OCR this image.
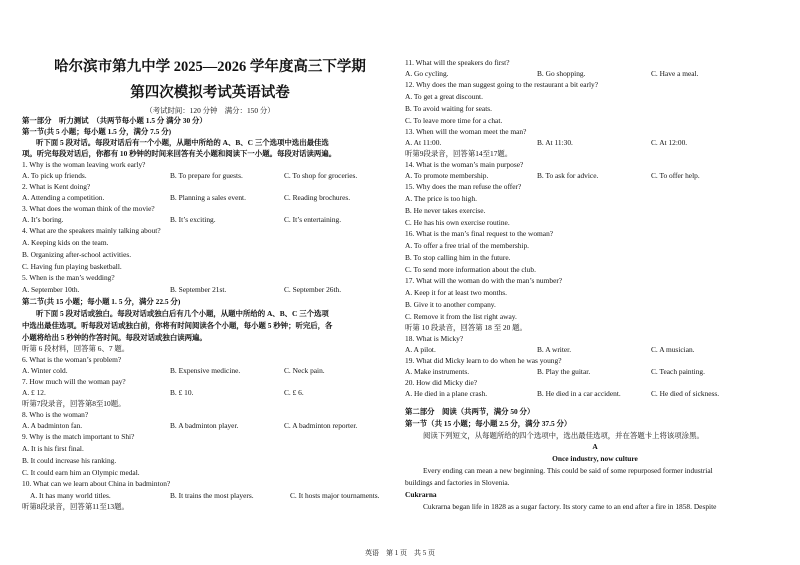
哈尔滨市第九中学 2025—2026 学年度高三下学期
第四次模拟考试英语试卷
（考试时间：120 分钟　满分：150 分）
第一部分　听力测试　（共两节每小题 1.5 分 满分 30 分）
第一节(共 5 小题；每小题 1.5 分，满分 7.5 分)
听下面 5 段对话。每段对话后有一个小题，从题中所给的 A、B、C 三个选项中选出最佳选
项。听完每段对话后，你都有 10 秒钟的时间来回答有关小题和阅读下一小题。每段对话读两遍。
1. Why is the woman leaving work early?
A. To pick up friends.	B. To prepare for guests.	C. To shop for groceries.
2. What is Kent doing?
A. Attending a competition.	B. Planning a sales event.	C. Reading brochures.
3. What does the woman think of the movie?
A. It’s boring.	B. It’s exciting.	C. It’s entertaining.
4. What are the speakers mainly talking about?
A. Keeping kids on the team.
B. Organizing after-school activities.
C. Having fun playing basketball.
5. When is the man’s wedding?
A. September 10th.	B. September 21st.	C. September 26th.
第二节(共 15 小题；每小题 1. 5 分，满分 22.5 分)
听下面 5 段对话或独白。每段对话或独白后有几个小题，从题中所给的 A、B、C 三个选项
中选出最佳选项。听每段对话或独白前，你将有时间阅读各个小题，每小题 5 秒钟；听完后，各
小题将给出 5 秒钟的作答时间。每段对话或独白读两遍。
听第 6 段材料，回答第 6、7 题。
6. What is the woman’s problem?
A. Winter cold.	B. Expensive medicine.	C. Neck pain.
7. How much will the woman pay?
A. £ 12.	B. £ 10.	C. £ 6.
听第7段录音，回答第8至10题。
8. Who is the woman?
A. A badminton fan.	B. A badminton player.	C. A badminton reporter.
9. Why is the match important to Shi?
A. It is his first final.
B. It could increase his ranking.
C. It could earn him an Olympic medal.
10. What can we learn about China in badminton?
A. It has many world titles.	B. It trains the most players.	C. It hosts major tournaments.
听第8段录音，回答第11至13题。
11. What will the speakers do first?
A. Go cycling.	B. Go shopping.	C. Have a meal.
12. Why does the man suggest going to the restaurant a bit early?
A. To get a great discount.
B. To avoid waiting for seats.
C. To leave more time for a chat.
13. When will the woman meet the man?
A. At 11:00.	B. At 11:30.	C. At 12:00.
听第9段录音，回答第14至17题。
14. What is the woman’s main purpose?
A. To promote membership.	B. To ask for advice.	C. To offer help.
15. Why does the man refuse the offer?
A. The price is too high.
B. He never takes exercise.
C. He has his own exercise routine.
16. What is the man’s final request to the woman?
A. To offer a free trial of the membership.
B. To stop calling him in the future.
C. To send more information about the club.
17. What will the woman do with the man’s number?
A. Keep it for at least two months.
B. Give it to another company.
C. Remove it from the list right away.
听第 10 段录音，回答第 18 至 20 题。
18. What is Micky?
A. A pilot.	B. A writer.	C. A musician.
19. What did Micky learn to do when he was young?
A. Make instruments.	B. Play the guitar.	C. Teach painting.
20. How did Micky die?
A. He died in a plane crash.	B. He died in a car accident.	C. He died of sickness.
第二部分　阅读（共两节，满分 50 分）
第一节（共 15 小题；每小题 2.5 分，满分 37.5 分）
阅读下列短文，从每题所给的四个选项中，选出最佳选项，并在答题卡上将该项涂黑。
A
Once industry, now culture
Every ending can mean a new beginning. This could be said of some repurposed former industrial
buildings and factories in Slovenia.
Cukrarna
Cukrarna began life in 1828 as a sugar factory. Its story came to an end after a fire in 1858. Despite
英语　第 1 页　共 5 页
